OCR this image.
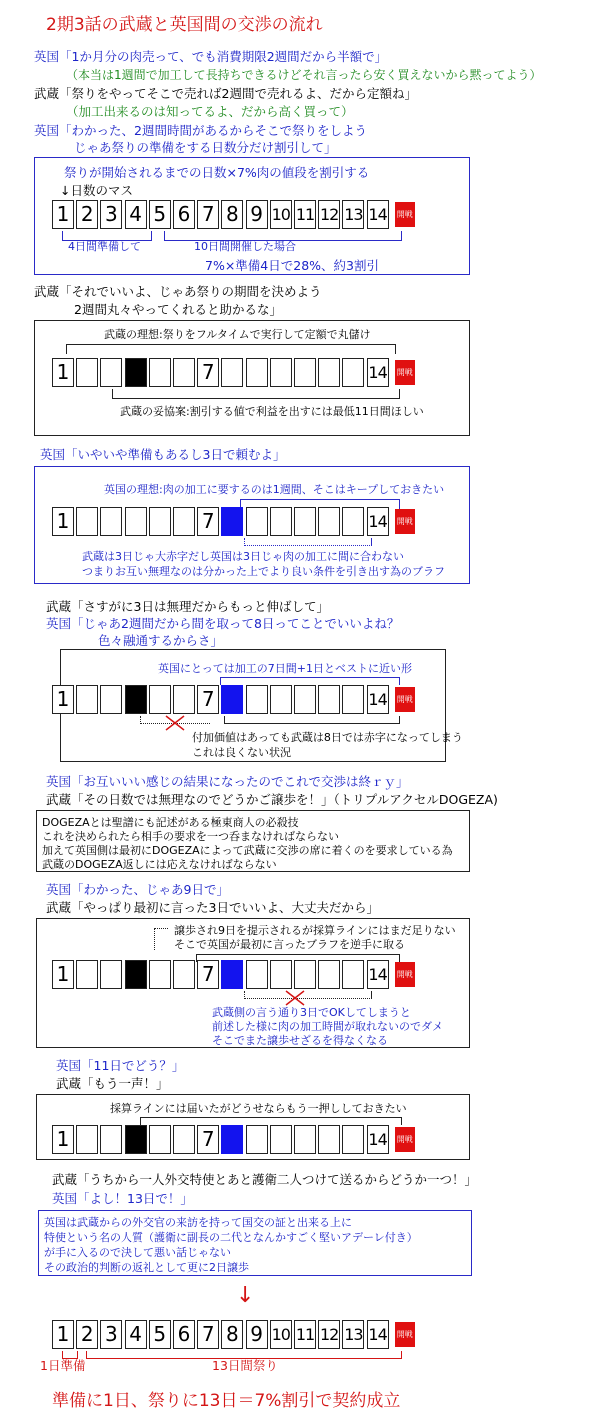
2期3話の武蔵と英国間の交渉の流れ
英国「1か月分の肉売って、でも消費期限2週間だから半額で」
（本当は1週間で加工して長持ちできるけどそれ言ったら安く買えないから黙ってよう）
武蔵「祭りをやってそこで売れば2週間で売れるよ、だから定額ね」
（加工出来るのは知ってるよ、だから高く買って）
英国「わかった、2週間時間があるからそこで祭りをしよう
じゃあ祭りの準備をする日数分だけ割引して」
祭りが開始されるまでの日数×7%肉の値段を割引する
↓日数のマス
1 2 3 4 5 6 7 8 9 10 11 12 13 14 開戦
4日間準備して	10日間開催した場合
7%×準備4日で28%、約3割引
武蔵「それでいいよ、じゃあ祭りの期間を決めよう
2週間丸々やってくれると助かるな」
武蔵の理想:祭りをフルタイムで実行して定額で丸儲け
1	7	14 開戦
武蔵の妥協案:割引する値で利益を出すには最低11日間ほしい
英国「いやいや準備もあるし3日で頼むよ」
英国の理想:肉の加工に要するのは1週間、そこはキープしておきたい
1	7	14 開戦
武蔵は3日じゃ大赤字だし英国は3日じゃ肉の加工に間に合わない
つまりお互い無理なのは分かった上でより良い条件を引き出す為のブラフ
武蔵「さすがに3日は無理だからもっと伸ばして」
英国「じゃあ2週間だから間を取って8日ってことでいいよね？
色々融通するからさ」
英国にとっては加工の7日間+1日とベストに近い形
1	7	14 開戦
付加価値はあっても武蔵は8日では赤字になってしまう
これは良くない状況
英国「お互いいい感じの結果になったのでこれで交渉は終ｒｙ」
武蔵「その日数では無理なのでどうかご譲歩を！」（トリプルアクセルDOGEZA)
DOGEZAとは聖譜にも記述がある極東商人の必殺技
これを決められたら相手の要求を一つ呑まなければならない
加えて英国側は最初にDOGEZAによって武蔵に交渉の席に着くのを要求している為
武蔵のDOGEZA返しには応えなければならない
英国「わかった、じゃあ9日で」
武蔵「やっぱり最初に言った3日でいいよ、大丈夫だから」
譲歩され9日を提示されるが採算ラインにはまだ足りない
そこで英国が最初に言ったブラフを逆手に取る
1	7	14 開戦
武蔵側の言う通り3日でOKしてしまうと
前述した様に肉の加工時間が取れないのでダメ
そこでまた譲歩せざるを得なくなる
英国「11日でどう？」
武蔵「もう一声！」
採算ラインには届いたがどうせならもう一押ししておきたい
1	7	14 開戦
武蔵「うちから一人外交特使とあと護衛二人つけて送るからどうか一つ！」
英国「よし！13日で！」
英国は武蔵からの外交官の来訪を持って国交の証と出来る上に
特使という名の人質（護衛に副長の二代となんかすごく堅いアデーレ付き）
が手に入るので決して悪い話じゃない
その政治的判断の返礼として更に2日譲歩
↓
1 2 3 4 5 6 7 8 9 10 11 12 13 14 開戦
1日準備	13日間祭り
準備に1日、祭りに13日＝7%割引で契約成立
